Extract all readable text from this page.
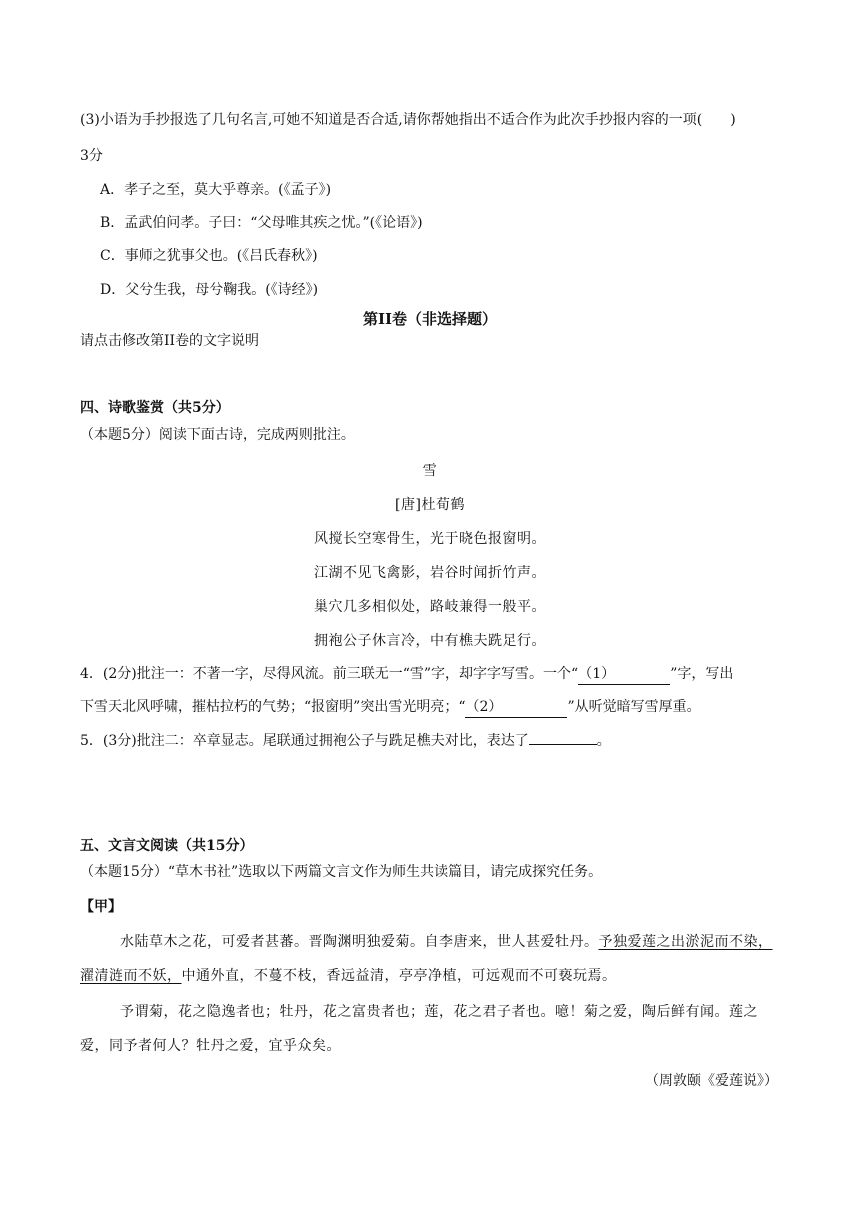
(3)小语为手抄报选了几句名言,可她不知道是否合适,请你帮她指出不适合作为此次手抄报内容的一项(　　)
3分
A．孝子之至，莫大乎尊亲。(《孟子》)
B．孟武伯问孝。子曰：“父母唯其疾之忧。”(《论语》)
C．事师之犹事父也。(《吕氏春秋》)
D．父兮生我，母兮鞠我。(《诗经》)
第II卷（非选择题）
请点击修改第II卷的文字说明
四、诗歌鉴赏（共5分）
（本题5分）阅读下面古诗，完成两则批注。
雪
[唐]杜荀鹤
风搅长空寒骨生，光于晓色报窗明。
江湖不见飞禽影，岩谷时闻折竹声。
巢穴几多相似处，路岐兼得一般平。
拥袍公子休言冷，中有樵夫跣足行。
4．(2分)批注一：不著一字，尽得风流。前三联无一“雪”字，却字字写雪。一个“（1）	”字，写出
下雪天北风呼啸，摧枯拉朽的气势；“报窗明”突出雪光明亮；“（2）	”从听觉暗写雪厚重。
5．(3分)批注二：卒章显志。尾联通过拥袍公子与跣足樵夫对比，表达了	。
五、文言文阅读（共15分）
（本题15分）“草木书社”选取以下两篇文言文作为师生共读篇目，请完成探究任务。
【甲】
水陆草木之花，可爱者甚蕃。晋陶渊明独爱菊。自李唐来，世人甚爱牡丹。予独爱莲之出淤泥而不染，
濯清涟而不妖，中通外直，不蔓不枝，香远益清，亭亭净植，可远观而不可亵玩焉。
予谓菊，花之隐逸者也；牡丹，花之富贵者也；莲，花之君子者也。噫！菊之爱，陶后鲜有闻。莲之
爱，同予者何人？牡丹之爱，宜乎众矣。
（周敦颐《爱莲说》）
